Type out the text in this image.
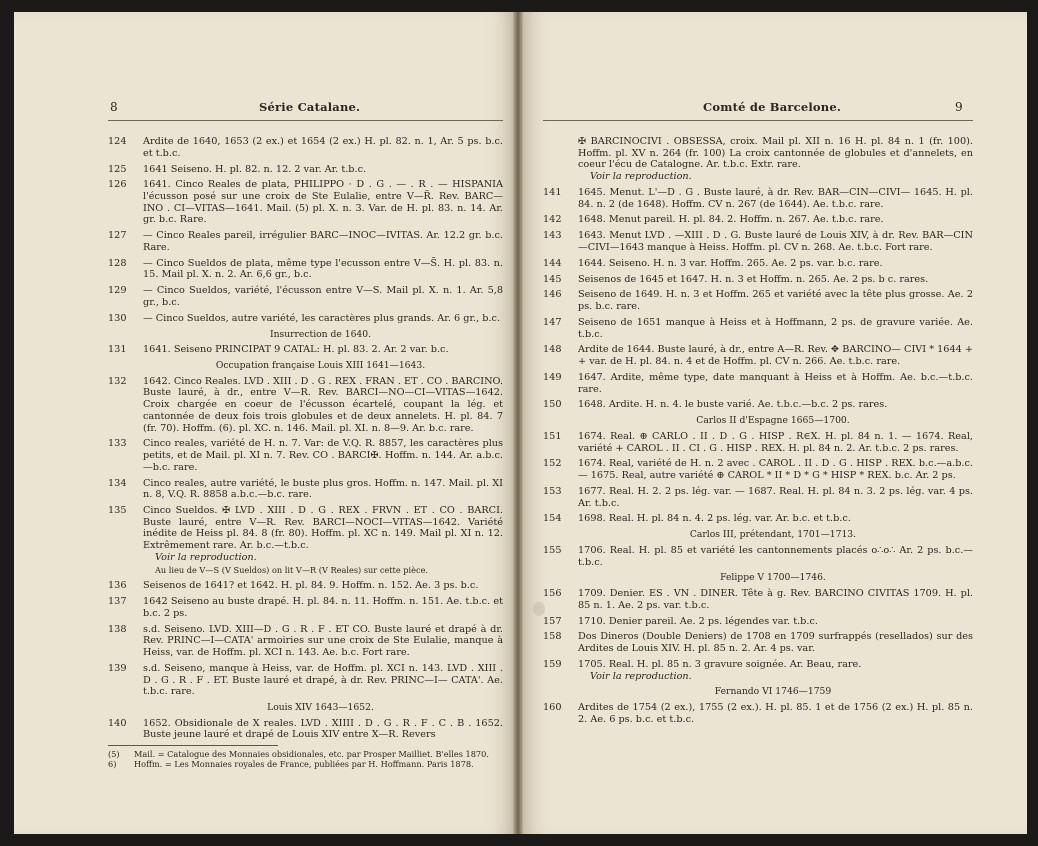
8	Série Catalane.
124	Ardite de 1640, 1653 (2 ex.) et 1654 (2 ex.) H. pl. 82. n. 1, Ar. 5 ps. b.c. et t.b.c.
125	1641 Seiseno. H. pl. 82. n. 12. 2 var. Ar. t.b.c.
126	1641. Cinco Reales de plata, PHILIPPO · D . G . — . R . — HISPANIA l'écusson posé sur une croix de Ste Eulalie, entre V—R̃. Rev. BARC— INO . CI—VITAS—1641. Mail. (5) pl. X. n. 3. Var. de H. pl. 83. n. 14. Ar. gr. b.c. Rare.
127	— Cinco Reales pareil, irrégulier BARC—INOC—IVITAS. Ar. 12.2 gr. b.c. Rare.
128	— Cinco Sueldos de plata, même type l'ecusson entre V—S̃. H. pl. 83. n. 15. Mail pl. X. n. 2. Ar. 6,6 gr., b.c.
129	— Cinco Sueldos, variété, l'écusson entre V—S. Mail pl. X. n. 1. Ar. 5,8 gr., b.c.
130	— Cinco Sueldos, autre variété, les caractères plus grands. Ar. 6 gr., b.c.
Insurrection de 1640.
131	1641. Seiseno PRINCIPAT 9 CATAL: H. pl. 83. 2. Ar. 2 var. b.c.
Occupation française Louis XIII 1641—1643.
132	1642. Cinco Reales. LVD . XIII . D . G . REX . FRAN . ET . CO . BARCINO. Buste lauré, à dr., entre V—R. Rev. BARCI—NO—CI—VITAS—1642. Croix chargée en coeur de l'écusson écartelé, coupant la lég. et cantonnée de deux fois trois globules et de deux annelets. H. pl. 84. 7 (fr. 70). Hoffm. (6). pl. XC. n. 146. Mail. pl. XI. n. 8—9. Ar. b.c. rare.
133	Cinco reales, variété de H. n. 7. Var: de V.Q. R. 8857, les caractères plus petits, et de Mail. pl. XI n. 7. Rev. CO . BARCI✠. Hoffm. n. 144. Ar. a.b.c.—b.c. rare.
134	Cinco reales, autre variété, le buste plus gros. Hoffm. n. 147. Mail. pl. XI n. 8, V.Q. R. 8858 a.b.c.—b.c. rare.
135	Cinco Sueldos. ✠ LVD . XIII . D . G . REX . FRVN . ET . CO . BARCI. Buste lauré, entre V—R. Rev. BARCI—NOCI—VITAS—1642. Variété inédite de Heiss pl. 84. 8 (fr. 80). Hoffm. pl. XC n. 149. Mail pl. XI n. 12. Extrêmement rare. Ar. b.c.—t.b.c.
Voir la reproduction.
Au lieu de V—S (V Sueldos) on lit V—R (V Reales) sur cette pièce.
136	Seisenos de 1641? et 1642. H. pl. 84. 9. Hoffm. n. 152. Ae. 3 ps. b.c.
137	1642 Seiseno au buste drapé. H. pl. 84. n. 11. Hoffm. n. 151. Ae. t.b.c. et b.c. 2 ps.
138	s.d. Seiseno. LVD. XIII—D . G . R . F . ET CO. Buste lauré et drapé à dr. Rev. PRINC—I—CATA' armoiries sur une croix de Ste Eulalie, manque à Heiss, var. de Hoffm. pl. XCI n. 143. Ae. b.c. Fort rare.
139	s.d. Seiseno, manque à Heiss, var. de Hoffm. pl. XCI n. 143. LVD . XIII . D . G . R . F . ET. Buste lauré et drapé, à dr. Rev. PRINC—I— CATA'. Ae. t.b.c. rare.
Louis XIV 1643—1652.
140	1652. Obsidionale de X reales. LVD . XIIII . D . G . R . F . C . B . 1652. Buste jeune lauré et drapé de Louis XIV entre X—R. Revers
(5)	Mail. = Catalogue des Monnaies obsidionales, etc. par Prosper Mailliet. B'elles 1870.
6)	Hoffm. = Les Monnaies royales de France, publiées par H. Hoffmann. Paris 1878.
Comté de Barcelone.	9
✠ BARCINOCIVI . OBSESSA, croix. Mail pl. XII n. 16 H. pl. 84 n. 1 (fr. 100). Hoffm. pl. XV n. 264 (fr. 100) La croix cantonnée de globules et d'annelets, en coeur l'écu de Catalogne. Ar. t.b.c. Extr. rare.
Voir la reproduction.
141	1645. Menut. L'—D . G . Buste lauré, à dr. Rev. BAR—CIN—CIVI— 1645. H. pl. 84. n. 2 (de 1648). Hoffm. CV n. 267 (de 1644). Ae. t.b.c. rare.
142	1648. Menut pareil. H. pl. 84. 2. Hoffm. n. 267. Ae. t.b.c. rare.
143	1643. Menut LVD . —XIII . D . G. Buste lauré de Louis XIV, à dr. Rev. BAR—CIN—CIVI—1643 manque à Heiss. Hoffm. pl. CV n. 268. Ae. t.b.c. Fort rare.
144	1644. Seiseno. H. n. 3 var. Hoffm. 265. Ae. 2 ps. var. b.c. rare.
145	Seisenos de 1645 et 1647. H. n. 3 et Hoffm. n. 265. Ae. 2 ps. b c. rares.
146	Seiseno de 1649. H. n. 3 et Hoffm. 265 et variété avec la tête plus grosse. Ae. 2 ps. b.c. rare.
147	Seiseno de 1651 manque à Heiss et à Hoffmann, 2 ps. de gravure variée. Ae. t.b.c.
148	Ardite de 1644. Buste lauré, à dr., entre A—R. Rev. ✥ BARCINO— CIVI * 1644 + + var. de H. pl. 84. n. 4 et de Hoffm. pl. CV n. 266. Ae. t.b.c. rare.
149	1647. Ardite, même type, date manquant à Heiss et à Hoffm. Ae. b.c.—t.b.c. rare.
150	1648. Ardite. H. n. 4. le buste varié. Ae. t.b.c.—b.c. 2 ps. rares.
Carlos II d'Espagne 1665—1700.
151	1674. Real. ⊕ CARLO . II . D . G . HISP . R∈X. H. pl. 84 n. 1. — 1674. Real, variété + CAROL . II . CI . G . HISP . REX. H. pl. 84 n. 2. Ar. t.b.c. 2 ps. rares.
152	1674. Real, variété de H. n. 2 avec . CAROL . II . D . G . HISP . REX. b.c.—a.b.c. — 1675. Real, autre variété ⊕ CAROL * II * D * G * HISP * REX. b.c. Ar. 2 ps.
153	1677. Real. H. 2. 2 ps. lég. var. — 1687. Real. H. pl. 84 n. 3. 2 ps. lég. var. 4 ps. Ar. t.b.c.
154	1698. Real. H. pl. 84 n. 4. 2 ps. lég. var. Ar. b.c. et t.b.c.
Carlos III, prétendant, 1701—1713.
155	1706. Real. H. pl. 85 et variété les cantonnements placés o∴o∴ Ar. 2 ps. b.c.—t.b.c.
Felippe V 1700—1746.
156	1709. Denier. ES . VN . DINER. Tête à g. Rev. BARCINO CIVITAS 1709. H. pl. 85 n. 1. Ae. 2 ps. var. t.b.c.
157	1710. Denier pareil. Ae. 2 ps. légendes var. t.b.c.
158	Dos Dineros (Double Deniers) de 1708 en 1709 surfrappés (resellados) sur des Ardites de Louis XIV. H. pl. 85 n. 2. Ar. 4 ps. var.
159	1705. Real. H. pl. 85 n. 3 gravure soignée. Ar. Beau, rare.
Voir la reproduction.
Fernando VI 1746—1759
160	Ardites de 1754 (2 ex.), 1755 (2 ex.). H. pl. 85. 1 et de 1756 (2 ex.) H. pl. 85 n. 2. Ae. 6 ps. b.c. et t.b.c.
